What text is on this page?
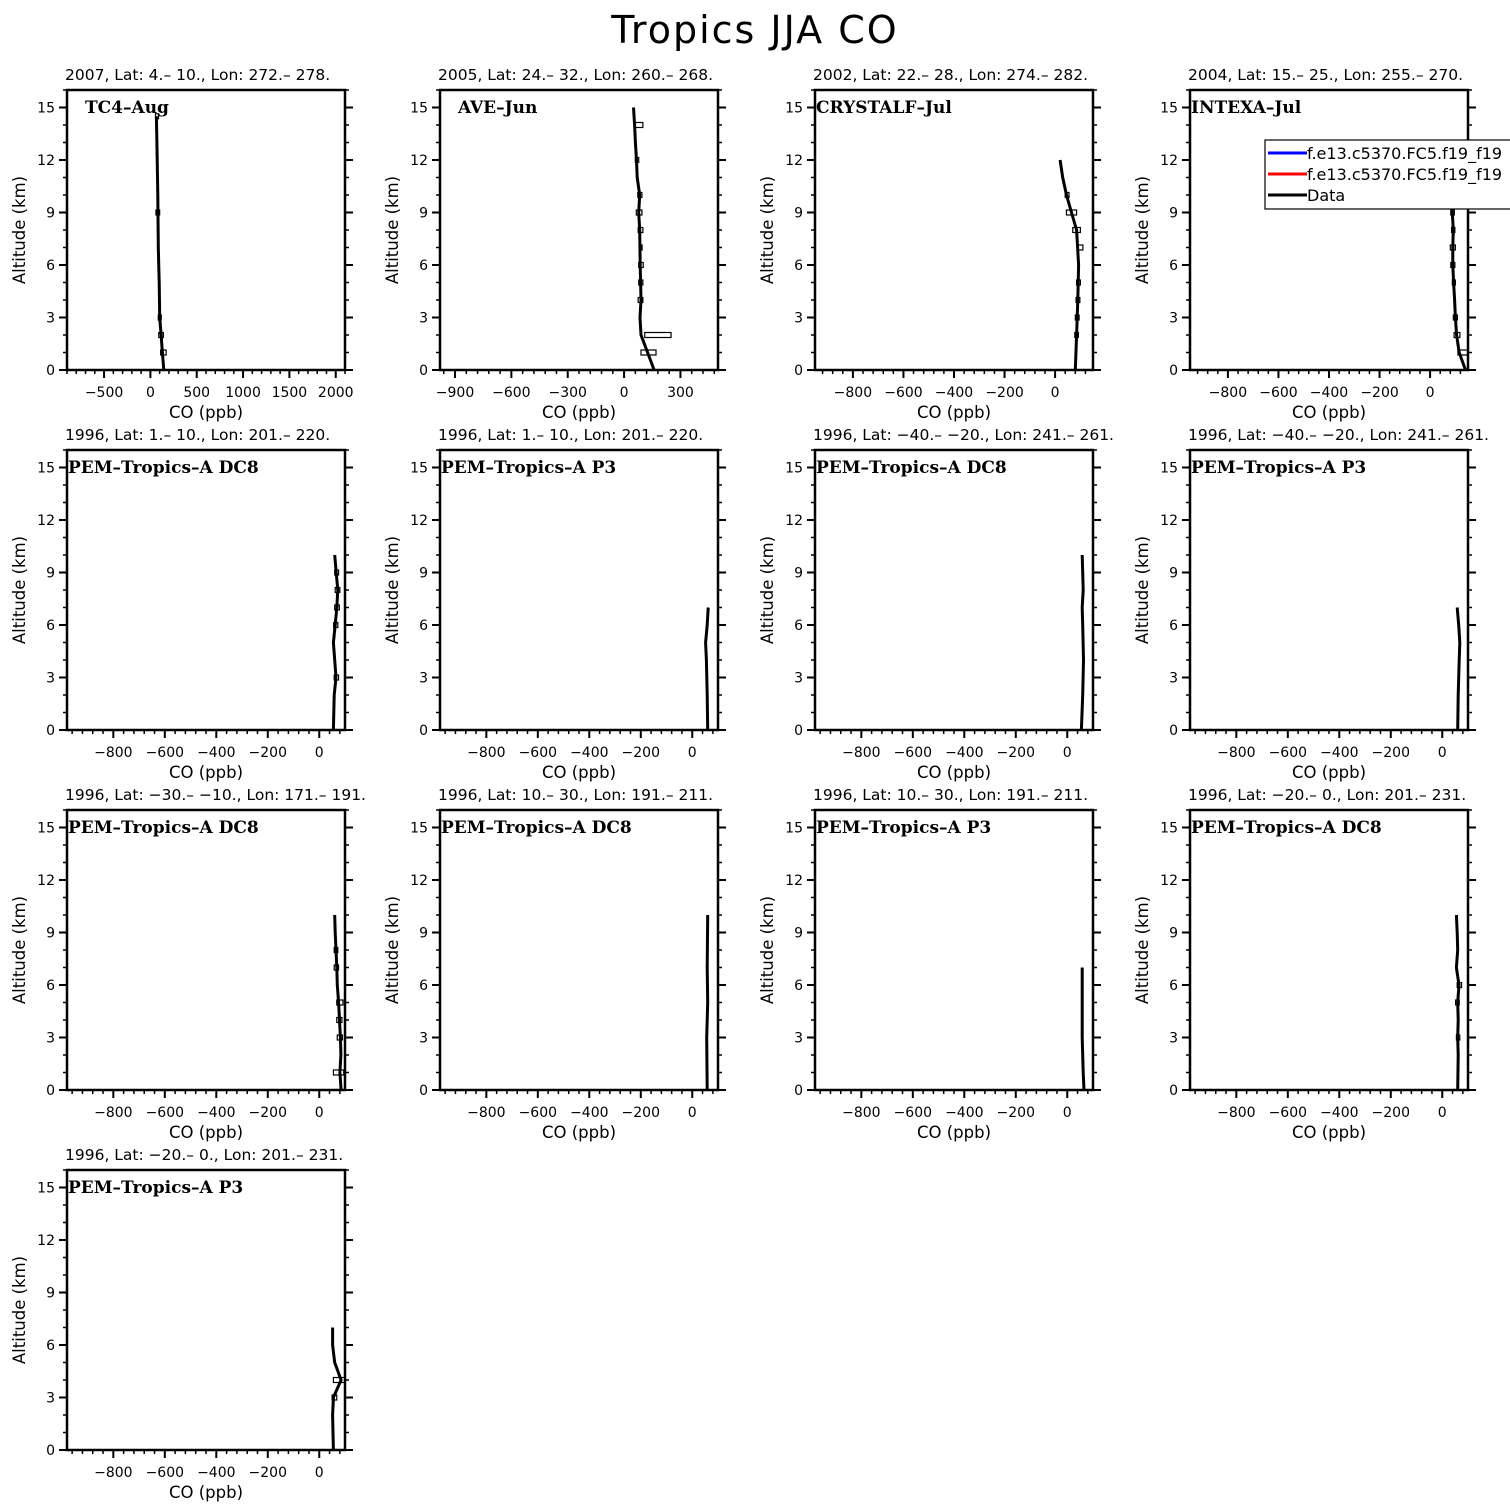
Tropics JJA CO
2007, Lat: 4.– 10., Lon: 272.– 278.
0
3
6
9
12
15
−500 0 500 1000 1500 2000
CO (ppb)
Altitude (km)
TC4–Aug
2005, Lat: 24.– 32., Lon: 260.– 268.
0
3
6
9
12
15
−900 −600 −300 0	300
CO (ppb)
Altitude (km)
AVE–Jun
2002, Lat: 22.– 28., Lon: 274.– 282.
0
3
6
9
12
15
−800 −600 −400 −200 0
CO (ppb)
Altitude (km)
CRYSTALF–Jul
2004, Lat: 15.– 25., Lon: 255.– 270.
0
3
6
9
12
15
−800 −600 −400 −200 0
CO (ppb)
Altitude (km)
INTEXA–Jul
1996, Lat: 1.– 10., Lon: 201.– 220.
0
3
6
9
12
15
−800 −600 −400 −200 0
CO (ppb)
Altitude (km)
PEM–Tropics–A DC8
1996, Lat: 1.– 10., Lon: 201.– 220.
0
3
6
9
12
15
−800 −600 −400 −200 0
CO (ppb)
Altitude (km)
PEM–Tropics–A P3
1996, Lat: −40.– −20., Lon: 241.– 261.
0
3
6
9
12
15
−800 −600 −400 −200 0
CO (ppb)
Altitude (km)
PEM–Tropics–A DC8
1996, Lat: −40.– −20., Lon: 241.– 261.
0
3
6
9
12
15
−800 −600 −400 −200 0
CO (ppb)
Altitude (km)
PEM–Tropics–A P3
1996, Lat: −30.– −10., Lon: 171.– 191.
0
3
6
9
12
15
−800 −600 −400 −200 0
CO (ppb)
Altitude (km)
PEM–Tropics–A DC8
1996, Lat: 10.– 30., Lon: 191.– 211.
0
3
6
9
12
15
−800 −600 −400 −200 0
CO (ppb)
Altitude (km)
PEM–Tropics–A DC8
1996, Lat: 10.– 30., Lon: 191.– 211.
0
3
6
9
12
15
−800 −600 −400 −200 0
CO (ppb)
Altitude (km)
PEM–Tropics–A P3
1996, Lat: −20.– 0., Lon: 201.– 231.
0
3
6
9
12
15
−800 −600 −400 −200 0
CO (ppb)
Altitude (km)
PEM–Tropics–A DC8
1996, Lat: −20.– 0., Lon: 201.– 231.
0
3
6
9
12
15
−800 −600 −400 −200 0
CO (ppb)
Altitude (km)
PEM–Tropics–A P3
f.e13.c5370.FC5.f19_f19
f.e13.c5370.FC5.f19_f19
Data
